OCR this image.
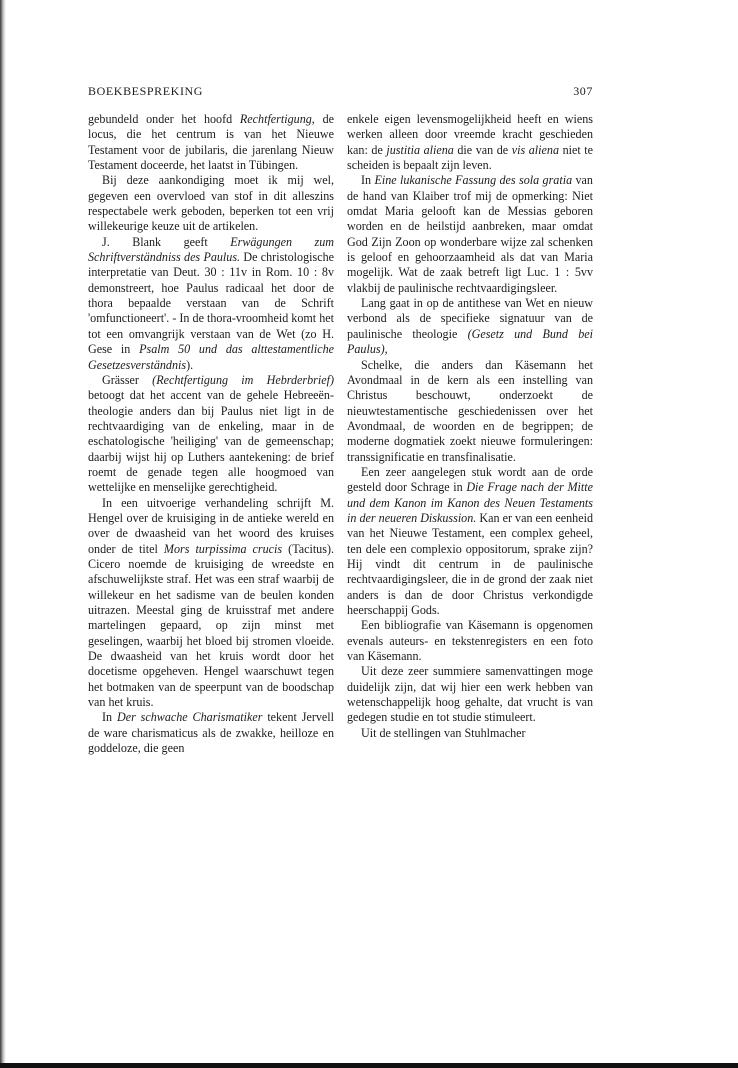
BOEKBESPREKING	307

gebundeld onder het hoofd Rechtfertigung, de locus, die het centrum is van het Nieuwe Testament voor de jubilaris, die jarenlang Nieuw Testament doceerde, het laatst in Tübingen.

Bij deze aankondiging moet ik mij wel, gegeven een overvloed van stof in dit alleszins respectabele werk geboden, beperken tot een vrij willekeurige keuze uit de artikelen.

J. Blank geeft Erwägungen zum Schriftverständniss des Paulus. De christologische interpretatie van Deut. 30 : 11v in Rom. 10 : 8v demonstreert, hoe Paulus radicaal het door de thora bepaalde verstaan van de Schrift 'omfunctioneert'. - In de thora-vroomheid komt het tot een omvangrijk verstaan van de Wet (zo H. Gese in Psalm 50 und das alttestamentliche Gesetzesverständnis).

Grässer (Rechtfertigung im Hebrderbrief) betoogt dat het accent van de gehele Hebreeën-theologie anders dan bij Paulus niet ligt in de rechtvaardiging van de enkeling, maar in de eschatologische 'heiliging' van de gemeenschap; daarbij wijst hij op Luthers aantekening: de brief roemt de genade tegen alle hoogmoed van wettelijke en menselijke gerechtigheid.

In een uitvoerige verhandeling schrijft M. Hengel over de kruisiging in de antieke wereld en over de dwaasheid van het woord des kruises onder de titel Mors turpissima crucis (Tacitus). Cicero noemde de kruisiging de wreedste en afschuwelijkste straf. Het was een straf waarbij de willekeur en het sadisme van de beulen konden uitrazen. Meestal ging de kruisstraf met andere martelingen gepaard, op zijn minst met geselingen, waarbij het bloed bij stromen vloeide. De dwaasheid van het kruis wordt door het docetisme opgeheven. Hengel waarschuwt tegen het botmaken van de speerpunt van de boodschap van het kruis.

In Der schwache Charismatiker tekent Jervell de ware charismaticus als de zwakke, heilloze en goddeloze, die geen

enkele eigen levensmogelijkheid heeft en wiens werken alleen door vreemde kracht geschieden kan: de justitia aliena die van de vis aliena niet te scheiden is bepaalt zijn leven.

In Eine lukanische Fassung des sola gratia van de hand van Klaiber trof mij de opmerking: Niet omdat Maria gelooft kan de Messias geboren worden en de heilstijd aanbreken, maar omdat God Zijn Zoon op wonderbare wijze zal schenken is geloof en gehoorzaamheid als dat van Maria mogelijk. Wat de zaak betreft ligt Luc. 1 : 5vv vlakbij de paulinische rechtvaardigingsleer.

Lang gaat in op de antithese van Wet en nieuw verbond als de specifieke signatuur van de paulinische theologie (Gesetz und Bund bei Paulus),

Schelke, die anders dan Käsemann het Avondmaal in de kern als een instelling van Christus beschouwt, onderzoekt de nieuwtestamentische geschiedenissen over het Avondmaal, de woorden en de begrippen; de moderne dogmatiek zoekt nieuwe formuleringen: transsignificatie en transfinalisatie.

Een zeer aangelegen stuk wordt aan de orde gesteld door Schrage in Die Frage nach der Mitte und dem Kanon im Kanon des Neuen Testaments in der neueren Diskussion. Kan er van een eenheid van het Nieuwe Testament, een complex geheel, ten dele een complexio oppositorum, sprake zijn? Hij vindt dit centrum in de paulinische rechtvaardigingsleer, die in de grond der zaak niet anders is dan de door Christus verkondigde heerschappij Gods.

Een bibliografie van Käsemann is opgenomen evenals auteurs- en tekstenregisters en een foto van Käsemann.

Uit deze zeer summiere samenvattingen moge duidelijk zijn, dat wij hier een werk hebben van wetenschappelijk hoog gehalte, dat vrucht is van gedegen studie en tot studie stimuleert.

Uit de stellingen van Stuhlmacher
